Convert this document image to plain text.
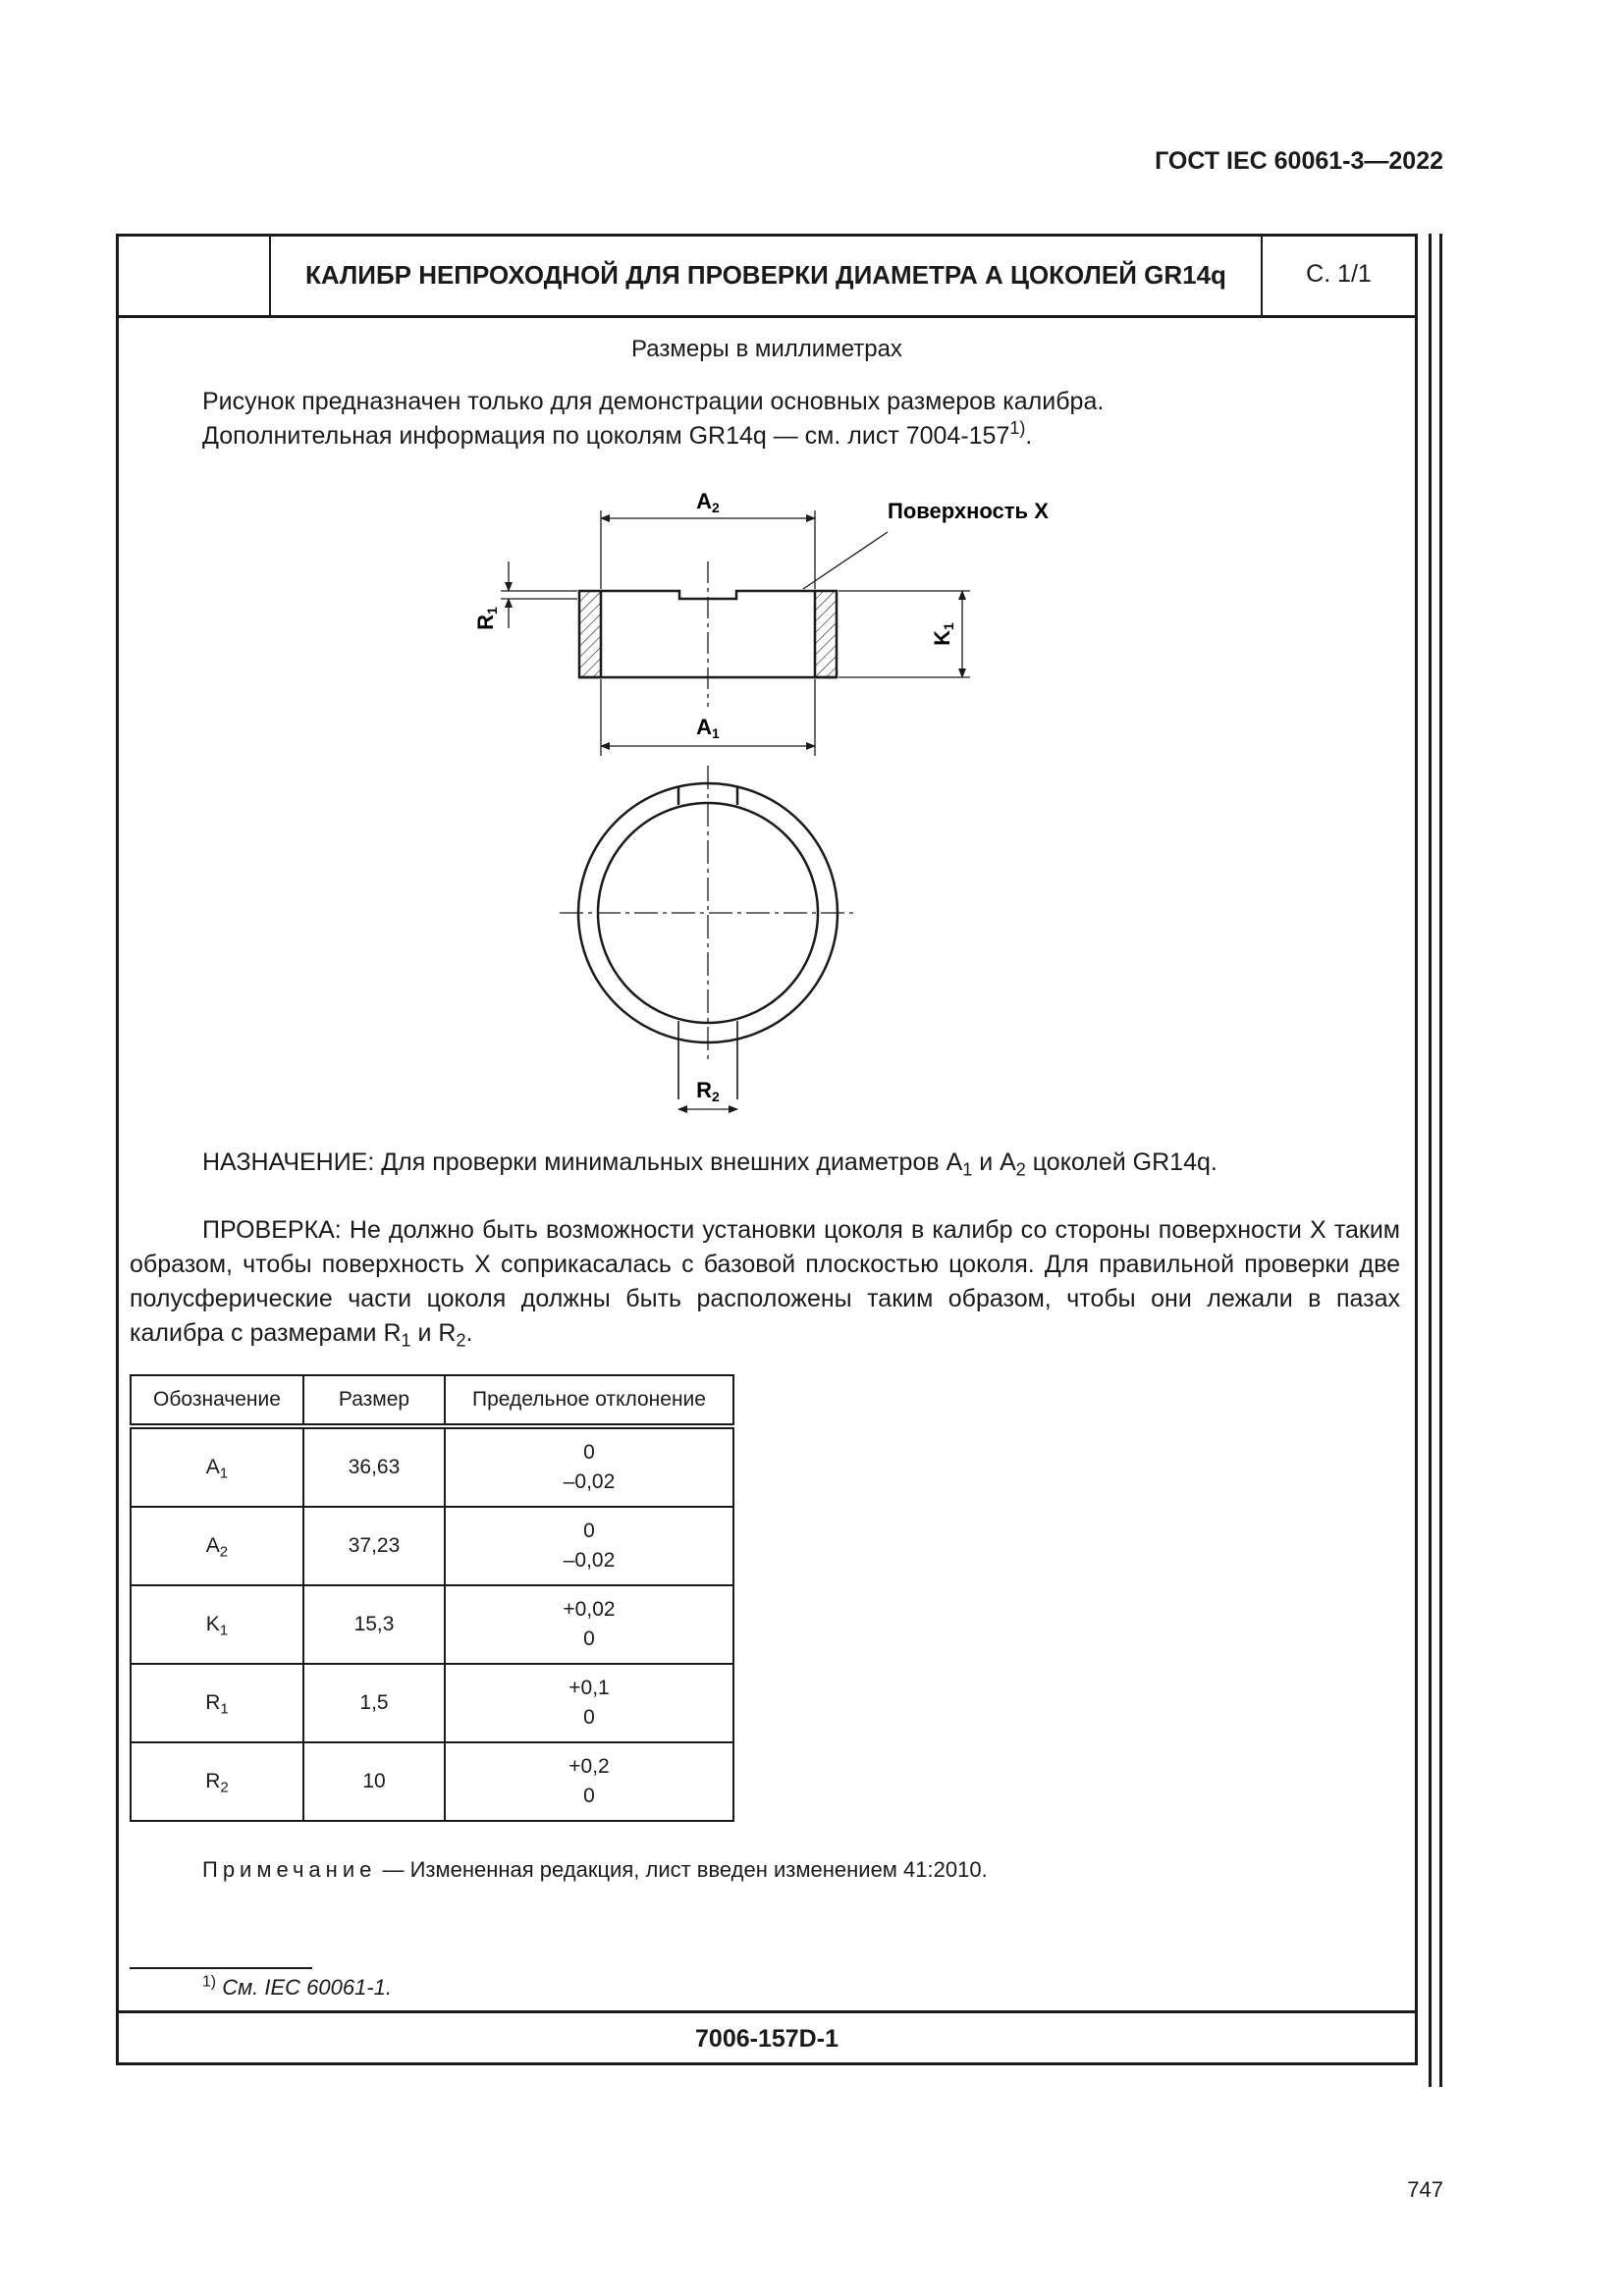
ГОСТ IEC 60061-3—2022
КАЛИБР НЕПРОХОДНОЙ ДЛЯ ПРОВЕРКИ ДИАМЕТРА А ЦОКОЛЕЙ GR14q	С. 1/1
Размеры в миллиметрах
Рисунок предназначен только для демонстрации основных размеров калибра.
Дополнительная информация по цоколям GR14q — см. лист 7004-157$^{1)}$.
A2
A1
R1
K1
Поверхность X
R2
НАЗНАЧЕНИЕ: Для проверки минимальных внешних диаметров $A_1$ и $A_2$ цоколей GR14q.
ПРОВЕРКА: Не должно быть возможности установки цоколя в калибр со стороны поверхности X таким образом, чтобы поверхность X соприкасалась с базовой плоскостью цоколя. Для правильной проверки две полусферические части цоколя должны быть расположены таким образом, чтобы они лежали в пазах калибра с размерами $R_1$ и $R_2$.
Обозначение	Размер	Предельное отклонение
$A_1$	36,63	0
–0,02

$A_2$	37,23	0
–0,02

$K_1$	15,3	+0,02
0

$R_1$	1,5	+0,1
0

$R_2$	10	+0,2
0
Примечание — Измененная редакция, лист введен изменением 41:2010.
$^{1)}$ См. IEC 60061-1.
7006-157D-1
747
